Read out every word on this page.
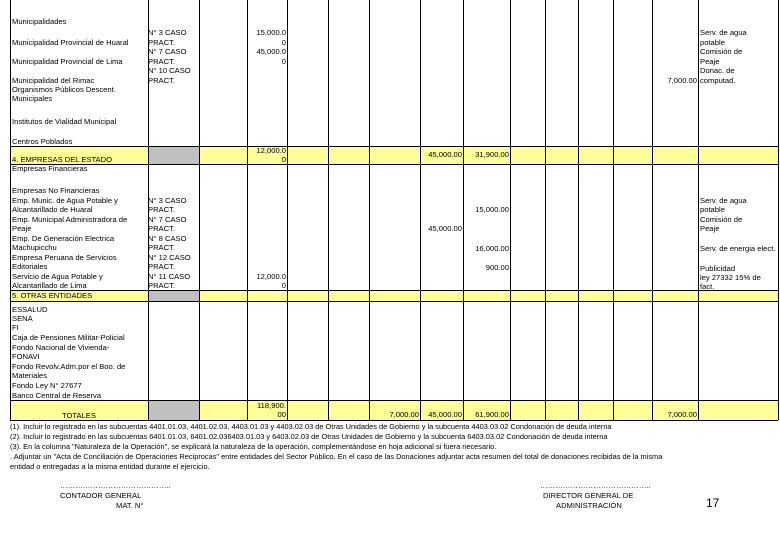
Municipalidades
Municipalidad Provincial de Huaral
Municipalidad Provincial de Lima
Municipalidad del Rimac
Organismos Públicos Descent.
Municipales
Institutos de Vialidad Municipal
Centros Poblados
4. EMPRESAS DEL ESTADO
Empresas Financieras
Empresas No Financieras
Emp. Munic. de Agua Potable y
Alcantarillado de Huaral
Emp. Municipal Administradora de
Peaje
Emp. De Generación Electrica
Machupicchu
Empresa Peruana de Servicios
Editoriales
Servicio de Agua Potable y
Alcantarillado de Lima
5. OTRAS ENTIDADES
ESSALUD
SENA
FI
Caja de Pensiones Militar-Policial
Fondo Nacional de Vivienda-
FONAVI
Fondo Revolv.Adm.por el Boo. de
Materiales
Fondo Ley N° 27677
Banco Central de Reserva
TOTALES
N° 3 CASO
PRACT.
N° 7 CASO
PRACT.
N° 10 CASO
PRACT.
N° 3 CASO
PRACT.
N° 7 CASO
PRACT.
N° 8 CASO
PRACT.
N° 12 CASO
PRACT.
N° 11 CASO
PRACT.
15,000.0
0
45,000.0
0
12,000.0
0
12,000.0
0
118,900.
00	7,000.00
45,000.00
45,000.00
45,000.00
31,900.00
15,000.00
16,000.00
900.00
61,900.00
7,000.00
7,000.00
Serv. de agua
potable
Comisión de
Peaje
Donac. de
computad.
Serv. de agua
potable
Comisión de
Peaje
Serv. de energia elect.
Publicidad
ley 27332 15% de
fact.
(1). Incluir lo registrado en las subcuentas 4401.01.03, 4401.02.03, 4403.01.03 y 4403.02.03 de Otras Unidades de Gobierno y la subcuenta 4403.03.02 Condonación de deuda interna
(2). Incluir lo registrado en las subcuentas 6401.01.03, 6401.02.036403.01.03 y 6403.02.03 de Otras Unidades de Gobierno y la subcuenta 6403.03.02 Condonación de deuda interna
(3). En la columna "Naturaleza de la Operación", se explicará la naturaleza de la operación, complementándose en hoja adicional si fuera necesario.
. Adjuntar un "Acta de Conciliación de Operaciones Reciprocas" entre entidades del Sector Público. En el caso de las Donaciones adjuntar acta resumen del total de donaciones recibidas de la misma
entidad o entregadas a la misma entidad durante el ejercicio.
……………………………………..
CONTADOR GENERAL
MAT. N°
……………………………………..
DIRECTOR GENERAL DE
ADMINISTRACIÓN	17
